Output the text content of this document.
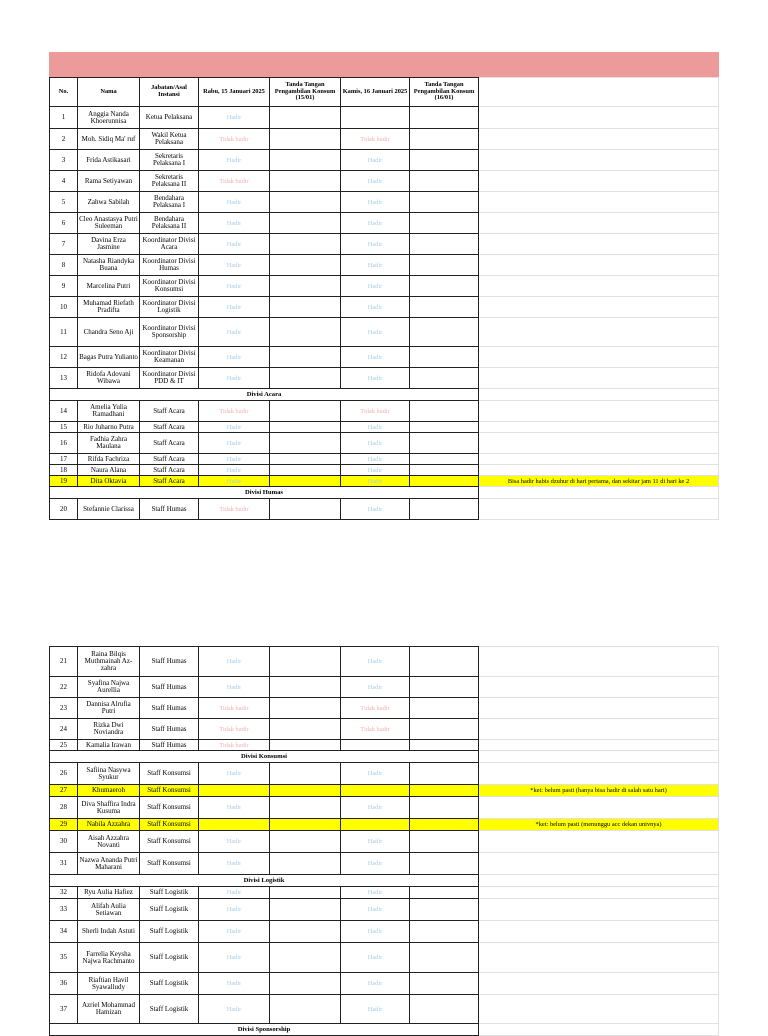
No.	Nama	Jabatan/Asal Instansi	Rabu, 15 Januari 2025	Tanda Tangan Pengambilan Konsum (15/01)	Kamis, 16 Januari 2025	Tanda Tangan Pengambilan Konsum (16/01)	
1	Anggia Nanda Khoerunnisa	Ketua Pelaksana	Hadir				
2	Moh. Sidiq Ma' ruf	Wakil Ketua Pelaksana	Tidak hadir		Tidak hadir		
3	Frida Astikasari	Sekretaris Pelaksana I	Hadir		Hadir		
4	Rama Setiyawan	Sekretaris Pelaksana II	Tidak hadir		Hadir		
5	Zahwa Sabilah	Bendahara Pelaksana I	Hadir		Hadir		
6	Cleo Anastasya Putri Suleeman	Bendahara Pelaksana II	Hadir		Hadir		
7	Davina Erza Jasmine	Koordinator Divisi Acara	Hadir		Hadir		
8	Natasha Riandyka Buana	Koordinator Divisi Humas	Hadir		Hadir		
9	Marcelina Putri	Koordinator Divisi Konsumsi	Hadir		Hadir		
10	Muhamad Riefath Pradifta	Koordinator Divisi Logistik	Hadir		Hadir		
11	Chandra Seno Aji	Koordinator Divisi Sponsorship	Hadir		Hadir		
12	Bagas Putra Yulianto	Koordinator Divisi Keamanan	Hadir		Hadir		
13	Ridofa Adovani Wibawa	Koordinator Divisi PDD & IT	Hadir		Hadir		
Divisi Acara							
14	Amelia Yulia Ramadhani	Staff Acara	Tidak hadir		Tidak hadir		
15	Rio Juharno Putra	Staff Acara	Hadir		Hadir		
16	Fadhia Zahra Maulana	Staff Acara	Hadir		Hadir		
17	Rifda Fachriza	Staff Acara	Hadir		Hadir		
18	Naura Alana	Staff Acara	Hadir		Hadir		
19	Dita Oktavia	Staff Acara	Hadir		Hadir		Bisa hadir habis dzuhur di hari pertama, dan sekitar jam 11 di hari ke 2
Divisi Humas							
20	Stefannie Clarissa	Staff Humas	Tidak hadir		Hadir		
21	Raina Bilqis Muthmainah Az-zahra	Staff Humas	Hadir		Hadir		
22	Syafina Najwa Aurellia	Staff Humas	Hadir		Hadir		
23	Dannisa Alrufia Putri	Staff Humas	Tidak hadir		Tidak hadir		
24	Rizka Dwi Noviandra	Staff Humas	Tidak hadir		Tidak hadir		
25	Kamalia Irawan	Staff Humas	Tidak hadir				
Divisi Konsumsi							
26	Safiina Nasywa Syukur	Staff Konsumsi	Hadir		Hadir		
27	Khumaeroh	Staff Konsumsi					*ket: belum pasti (hanya bisa hadir di salah satu hari)
28	Diva Shaffira Indra Kusuma	Staff Konsumsi	Hadir		Hadir		
29	Nabila Azzahra	Staff Konsumsi					*ket: belum pasti (menunggu acc dekan univnya)
30	Aisah Azzahra Novanti	Staff Konsumsi	Hadir		Hadir		
31	Nazwa Ananda Putri Maharani	Staff Konsumsi	Hadir		Hadir		
Divisi Logistik							
32	Ryu Aulia Hafiez	Staff Logistik	Hadir		Hadir		
33	Alifah Aulia Setiawan	Staff Logistik	Hadir		Hadir		
34	Sherli Indah Astuti	Staff Logistik	Hadir		Hadir		
35	Farrelia Keysha Najwa Rachmanto	Staff Logistik	Hadir		Hadir		
36	Riaftian Havil Syawalludy	Staff Logistik	Hadir		Hadir		
37	Azriel Mohammad Hamizan	Staff Logistik	Hadir		Hadir		
Divisi Sponsorship							
